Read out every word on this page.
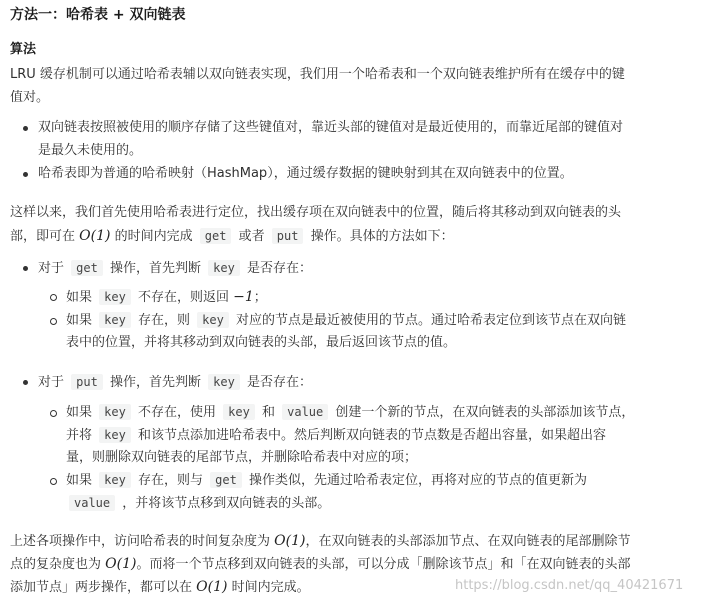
方法一：哈希表 + 双向链表
算法
LRU 缓存机制可以通过哈希表辅以双向链表实现，我们用一个哈希表和一个双向链表维护所有在缓存中的键
值对。
双向链表按照被使用的顺序存储了这些键值对，靠近头部的键值对是最近使用的，而靠近尾部的键值对
是最久未使用的。
哈希表即为普通的哈希映射（HashMap），通过缓存数据的键映射到其在双向链表中的位置。
这样以来，我们首先使用哈希表进行定位，找出缓存项在双向链表中的位置，随后将其移动到双向链表的头
部，即可在 O(1) 的时间内完成 get 或者 put 操作。具体的方法如下：
对于 get 操作，首先判断 key 是否存在：
如果 key 不存在，则返回 −1；
如果 key 存在，则 key 对应的节点是最近被使用的节点。通过哈希表定位到该节点在双向链
表中的位置，并将其移动到双向链表的头部，最后返回该节点的值。
对于 put 操作，首先判断 key 是否存在：
如果 key 不存在，使用 key 和 value 创建一个新的节点，在双向链表的头部添加该节点，
并将 key 和该节点添加进哈希表中。然后判断双向链表的节点数是否超出容量，如果超出容
量，则删除双向链表的尾部节点，并删除哈希表中对应的项；
如果 key 存在，则与 get 操作类似，先通过哈希表定位，再将对应的节点的值更新为
value ，并将该节点移到双向链表的头部。
上述各项操作中，访问哈希表的时间复杂度为 O(1)，在双向链表的头部添加节点、在双向链表的尾部删除节
点的复杂度也为 O(1)。而将一个节点移到双向链表的头部，可以分成「删除该节点」和「在双向链表的头部
添加节点」两步操作，都可以在 O(1) 时间内完成。	https://blog.csdn.net/qq_40421671
